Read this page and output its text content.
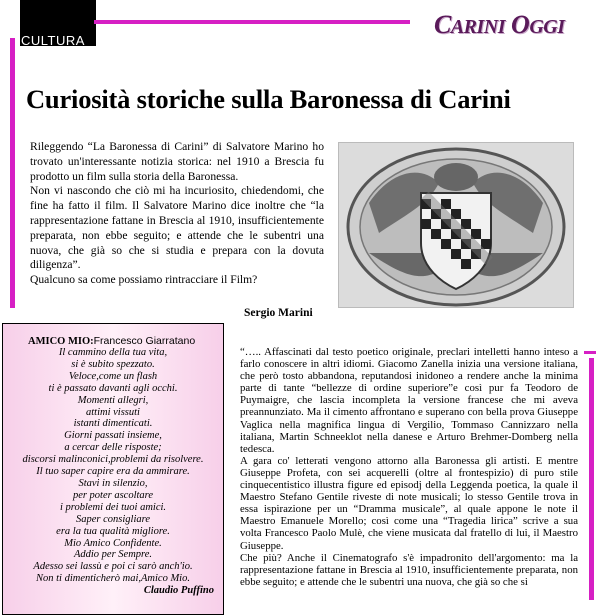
CULTURA
CARINI OGGI
Curiosità storiche sulla Baronessa di Carini

Rileggendo “La Baronessa di Carini” di Salvatore Marino ho trovato un'interessante notizia storica: nel 1910 a Brescia fu prodotto un film sulla storia della Baronessa.

Non vi nascondo che ciò mi ha incuriosito, chiedendomi, che fine ha fatto il film. Il Salvatore Marino dice inoltre che “la rappresentazione fattane in Brescia al 1910, insufficientemente preparata, non ebbe seguito; e attende che le subentri una nuova, che già so che si studia e prepara con la dovuta diligenza”.

Qualcuno sa come possiamo rintracciare il Film?

Sergio Marini
AMICO MIO:Francesco Giarratano
Il cammino della tua vita,
si è subito spezzato.
Veloce,come un flash
ti è passato davanti agli occhi.
Momenti allegri,
attimi vissuti
istanti dimenticati.
Giorni passati insieme,
a cercar delle risposte;
discorsi malinconici,problemi da risolvere.
Il tuo saper capire era da ammirare.
Stavi in silenzio,
per poter ascoltare
i problemi dei tuoi amici.
Saper consigliare
era la tua qualità migliore.
Mio Amico Confidente.
Addio per Sempre.
Adesso sei lassù e poi ci sarò anch'io.
Non ti dimenticherò mai,Amico Mio.
Claudio Puffino

“….. Affascinati dal testo poetico originale, preclari intelletti hanno inteso a farlo conoscere in altri idiomi. Giacomo Zanella inizia una versione italiana, che però tosto abbandona, reputandosi inidoneo a rendere anche la minima parte di tante “bellezze di ordine superiore”e così pur fa Teodoro de Puymaigre, che lascia incompleta la versione francese che mi aveva preannunziato. Ma il cimento affrontano e superano con bella prova Giuseppe Vaglica nella magnifica lingua di Vergilio, Tommaso Cannizzaro nella italiana, Martin Schneeklot nella danese e Arturo Brehmer-Domberg nella tedesca.

A gara co' letterati vengono attorno alla Baronessa gli artisti. E mentre Giuseppe Profeta, con sei acquerelli (oltre al frontespizio) di puro stile cinquecentistico illustra figure ed episodj della Leggenda poetica, la quale il Maestro Stefano Gentile riveste di note musicali; lo stesso Gentile trova in essa ispirazione per un “Dramma musicale”, al quale appone le note il Maestro Emanuele Morello; così come una “Tragedia lirica” scrive a sua volta Francesco Paolo Mulè, che viene musicata dal fratello di lui, il Maestro Giuseppe.

Che più? Anche il Cinematografo s'è impadronito dell'argomento: ma la rappresentazione fattane in Brescia al 1910, insufficientemente preparata, non ebbe seguito; e attende che le subentri una nuova, che già so che si
